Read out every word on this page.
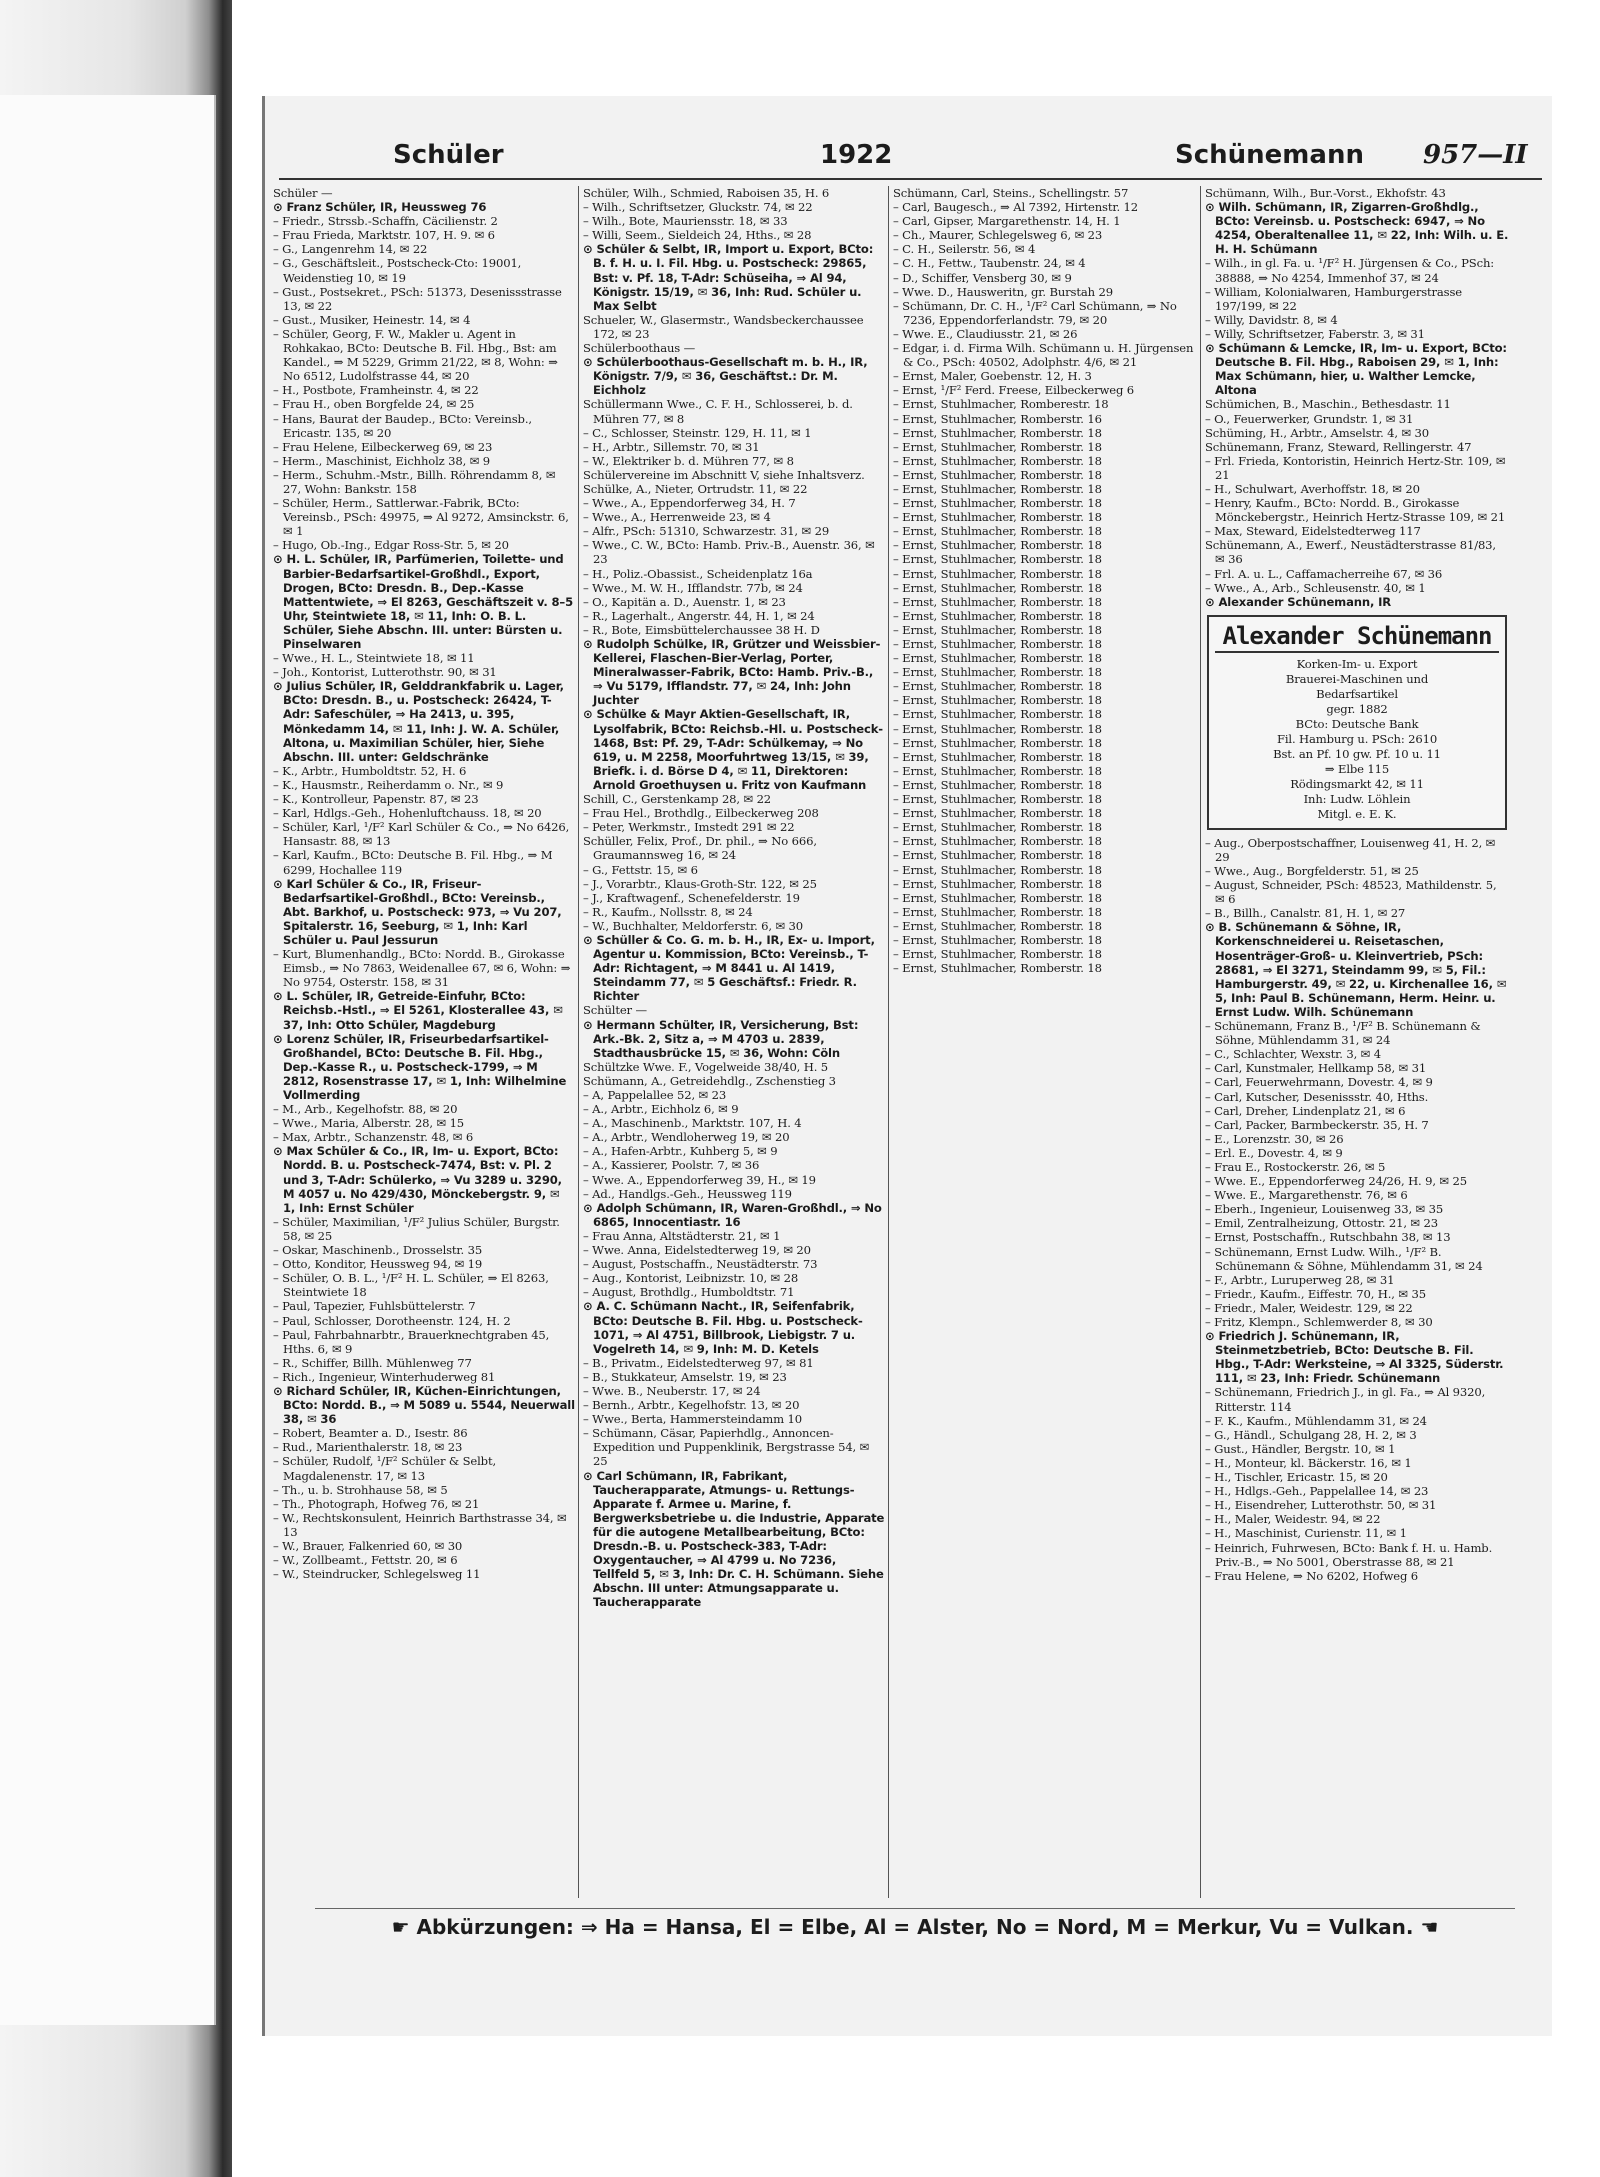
Schüler	1922	Schünemann 957—II

Schüler —

⊙ Franz Schüler, IR, Heussweg 76

– Friedr., Strssb.-Schaffn, Cäcilienstr. 2

– Frau Frieda, Marktstr. 107, H. 9. ✉ 6

– G., Langenrehm 14, ✉ 22

– G., Geschäftsleit., Postscheck-Cto: 19001, Weidenstieg 10, ✉ 19

– Gust., Postsekret., PSch: 51373, Desenissstrasse 13, ✉ 22

– Gust., Musiker, Heinestr. 14, ✉ 4

– Schüler, Georg, F. W., Makler u. Agent in Rohkakao, BCto: Deutsche B. Fil. Hbg., Bst: am Kandel., ⇒ M 5229, Grimm 21/22, ✉ 8, Wohn: ⇒ No 6512, Ludolfstrasse 44, ✉ 20

– H., Postbote, Framheinstr. 4, ✉ 22

– Frau H., oben Borgfelde 24, ✉ 25

– Hans, Baurat der Baudep., BCto: Vereinsb., Ericastr. 135, ✉ 20

– Frau Helene, Eilbeckerweg 69, ✉ 23

– Herm., Maschinist, Eichholz 38, ✉ 9

– Herm., Schuhm.-Mstr., Billh. Röhrendamm 8, ✉ 27, Wohn: Bankstr. 158

– Schüler, Herm., Sattlerwar.-Fabrik, BCto: Vereinsb., PSch: 49975, ⇒ Al 9272, Amsinckstr. 6, ✉ 1

– Hugo, Ob.-Ing., Edgar Ross-Str. 5, ✉ 20

⊙ H. L. Schüler, IR, Parfümerien, Toilette- und Barbier-Bedarfsartikel-Großhdl., Export, Drogen, BCto: Dresdn. B., Dep.-Kasse Mattentwiete, ⇒ El 8263, Geschäftszeit v. 8–5 Uhr, Steintwiete 18, ✉ 11, Inh: O. B. L. Schüler, Siehe Abschn. III. unter: Bürsten u. Pinselwaren

– Wwe., H. L., Steintwiete 18, ✉ 11

– Joh., Kontorist, Lutterothstr. 90, ✉ 31

⊙ Julius Schüler, IR, Gelddrankfabrik u. Lager, BCto: Dresdn. B., u. Postscheck: 26424, T-Adr: Safeschüler, ⇒ Ha 2413, u. 395, Mönkedamm 14, ✉ 11, Inh: J. W. A. Schüler, Altona, u. Maximilian Schüler, hier, Siehe Abschn. III. unter: Geldschränke

– K., Arbtr., Humboldtstr. 52, H. 6

– K., Hausmstr., Reiherdamm o. Nr., ✉ 9

– K., Kontrolleur, Papenstr. 87, ✉ 23

– Karl, Hdlgs.-Geh., Hohenluftchauss. 18, ✉ 20

– Schüler, Karl, ¹/F² Karl Schüler & Co., ⇒ No 6426, Hansastr. 88, ✉ 13

– Karl, Kaufm., BCto: Deutsche B. Fil. Hbg., ⇒ M 6299, Hochallee 119

⊙ Karl Schüler & Co., IR, Friseur-Bedarfsartikel-Großhdl., BCto: Vereinsb., Abt. Barkhof, u. Postscheck: 973, ⇒ Vu 207, Spitalerstr. 16, Seeburg, ✉ 1, Inh: Karl Schüler u. Paul Jessurun

– Kurt, Blumenhandlg., BCto: Nordd. B., Girokasse Eimsb., ⇒ No 7863, Weidenallee 67, ✉ 6, Wohn: ⇒ No 9754, Osterstr. 158, ✉ 31

⊙ L. Schüler, IR, Getreide-Einfuhr, BCto: Reichsb.-Hstl., ⇒ El 5261, Klosterallee 43, ✉ 37, Inh: Otto Schüler, Magdeburg

⊙ Lorenz Schüler, IR, Friseurbedarfsartikel-Großhandel, BCto: Deutsche B. Fil. Hbg., Dep.-Kasse R., u. Postscheck-1799, ⇒ M 2812, Rosenstrasse 17, ✉ 1, Inh: Wilhelmine Vollmerding

– M., Arb., Kegelhofstr. 88, ✉ 20

– Wwe., Maria, Alberstr. 28, ✉ 15

– Max, Arbtr., Schanzenstr. 48, ✉ 6

⊙ Max Schüler & Co., IR, Im- u. Export, BCto: Nordd. B. u. Postscheck-7474, Bst: v. Pl. 2 und 3, T-Adr: Schülerko, ⇒ Vu 3289 u. 3290, M 4057 u. No 429/430, Mönckebergstr. 9, ✉ 1, Inh: Ernst Schüler

– Schüler, Maximilian, ¹/F² Julius Schüler, Burgstr. 58, ✉ 25

– Oskar, Maschinenb., Drosselstr. 35

– Otto, Konditor, Heussweg 94, ✉ 19

– Schüler, O. B. L., ¹/F² H. L. Schüler, ⇒ El 8263, Steintwiete 18

– Paul, Tapezier, Fuhlsbüttelerstr. 7

– Paul, Schlosser, Dorotheenstr. 124, H. 2

– Paul, Fahrbahnarbtr., Brauerknechtgraben 45, Hths. 6, ✉ 9

– R., Schiffer, Billh. Mühlenweg 77

– Rich., Ingenieur, Winterhuderweg 81

⊙ Richard Schüler, IR, Küchen-Einrichtungen, BCto: Nordd. B., ⇒ M 5089 u. 5544, Neuerwall 38, ✉ 36

– Robert, Beamter a. D., Isestr. 86

– Rud., Marienthalerstr. 18, ✉ 23

– Schüler, Rudolf, ¹/F² Schüler & Selbt, Magdalenenstr. 17, ✉ 13

– Th., u. b. Strohhause 58, ✉ 5

– Th., Photograph, Hofweg 76, ✉ 21

– W., Rechtskonsulent, Heinrich Barthstrasse 34, ✉ 13

– W., Brauer, Falkenried 60, ✉ 30

– W., Zollbeamt., Fettstr. 20, ✉ 6

– W., Steindrucker, Schlegelsweg 11

Schüler, Wilh., Schmied, Raboisen 35, H. 6

– Wilh., Schriftsetzer, Gluckstr. 74, ✉ 22

– Wilh., Bote, Mauriensstr. 18, ✉ 33

– Willi, Seem., Sieldeich 24, Hths., ✉ 28

⊙ Schüler & Selbt, IR, Import u. Export, BCto: B. f. H. u. I. Fil. Hbg. u. Postscheck: 29865, Bst: v. Pf. 18, T-Adr: Schüseiha, ⇒ Al 94, Königstr. 15/19, ✉ 36, Inh: Rud. Schüler u. Max Selbt

Schueler, W., Glasermstr., Wandsbeckerchaussee 172, ✉ 23

Schülerboothaus —

⊙ Schülerboothaus-Gesellschaft m. b. H., IR, Königstr. 7/9, ✉ 36, Geschäftst.: Dr. M. Eichholz

Schüllermann Wwe., C. F. H., Schlosserei, b. d. Mühren 77, ✉ 8

– C., Schlosser, Steinstr. 129, H. 11, ✉ 1

– H., Arbtr., Sillemstr. 70, ✉ 31

– W., Elektriker b. d. Mühren 77, ✉ 8

Schülervereine im Abschnitt V, siehe Inhaltsverz.

Schülke, A., Nieter, Ortrudstr. 11, ✉ 22

– Wwe., A., Eppendorferweg 34, H. 7

– Wwe., A., Herrenweide 23, ✉ 4

– Alfr., PSch: 51310, Schwarzestr. 31, ✉ 29

– Wwe., C. W., BCto: Hamb. Priv.-B., Auenstr. 36, ✉ 23

– H., Poliz.-Obassist., Scheidenplatz 16a

– Wwe., M. W. H., Ifflandstr. 77b, ✉ 24

– O., Kapitän a. D., Auenstr. 1, ✉ 23

– R., Lagerhalt., Angerstr. 44, H. 1, ✉ 24

– R., Bote, Eimsbüttelerchaussee 38 H. D

⊙ Rudolph Schülke, IR, Grützer und Weissbier-Kellerei, Flaschen-Bier-Verlag, Porter, Mineralwasser-Fabrik, BCto: Hamb. Priv.-B., ⇒ Vu 5179, Ifflandstr. 77, ✉ 24, Inh: John Juchter

⊙ Schülke & Mayr Aktien-Gesellschaft, IR, Lysolfabrik, BCto: Reichsb.-Hl. u. Postscheck-1468, Bst: Pf. 29, T-Adr: Schülkemay, ⇒ No 619, u. M 2258, Moorfuhrtweg 13/15, ✉ 39, Briefk. i. d. Börse D 4, ✉ 11, Direktoren: Arnold Groethuysen u. Fritz von Kaufmann

Schill, C., Gerstenkamp 28, ✉ 22

– Frau Hel., Brothdlg., Eilbeckerweg 208

– Peter, Werkmstr., Imstedt 291 ✉ 22

Schüller, Felix, Prof., Dr. phil., ⇒ No 666, Graumannsweg 16, ✉ 24

– G., Fettstr. 15, ✉ 6

– J., Vorarbtr., Klaus-Groth-Str. 122, ✉ 25

– J., Kraftwagenf., Schenefelderstr. 19

– R., Kaufm., Nollsstr. 8, ✉ 24

– W., Buchhalter, Meldorferstr. 6, ✉ 30

⊙ Schüller & Co. G. m. b. H., IR, Ex- u. Import, Agentur u. Kommission, BCto: Vereinsb., T-Adr: Richtagent, ⇒ M 8441 u. Al 1419, Steindamm 77, ✉ 5 Geschäftsf.: Friedr. R. Richter

Schülter —

⊙ Hermann Schülter, IR, Versicherung, Bst: Ark.-Bk. 2, Sitz a, ⇒ M 4703 u. 2839, Stadthausbrücke 15, ✉ 36, Wohn: Cöln

Schültzke Wwe. F., Vogelweide 38/40, H. 5

Schümann, A., Getreidehdlg., Zschenstieg 3

– A, Pappelallee 52, ✉ 23

– A., Arbtr., Eichholz 6, ✉ 9

– A., Maschinenb., Marktstr. 107, H. 4

– A., Arbtr., Wendloherweg 19, ✉ 20

– A., Hafen-Arbtr., Kuhberg 5, ✉ 9

– A., Kassierer, Poolstr. 7, ✉ 36

– Wwe. A., Eppendorferweg 39, H., ✉ 19

– Ad., Handlgs.-Geh., Heussweg 119

⊙ Adolph Schümann, IR, Waren-Großhdl., ⇒ No 6865, Innocentiastr. 16

– Frau Anna, Altstädterstr. 21, ✉ 1

– Wwe. Anna, Eidelstedterweg 19, ✉ 20

– August, Postschaffn., Neustädterstr. 73

– Aug., Kontorist, Leibnizstr. 10, ✉ 28

– August, Brothdlg., Humboldtstr. 71

⊙ A. C. Schümann Nacht., IR, Seifenfabrik, BCto: Deutsche B. Fil. Hbg. u. Postscheck-1071, ⇒ Al 4751, Billbrook, Liebigstr. 7 u. Vogelreth 14, ✉ 9, Inh: M. D. Ketels

– B., Privatm., Eidelstedterweg 97, ✉ 81

– B., Stukkateur, Amselstr. 19, ✉ 23

– Wwe. B., Neuberstr. 17, ✉ 24

– Bernh., Arbtr., Kegelhofstr. 13, ✉ 20

– Wwe., Berta, Hammersteindamm 10

– Schümann, Cäsar, Papierhdlg., Annoncen-Expedition und Puppenklinik, Bergstrasse 54, ✉ 25

⊙ Carl Schümann, IR, Fabrikant, Taucherapparate, Atmungs- u. Rettungs-Apparate f. Armee u. Marine, f. Bergwerksbetriebe u. die Industrie, Apparate für die autogene Metallbearbeitung, BCto: Dresdn.-B. u. Postscheck-383, T-Adr: Oxygentaucher, ⇒ Al 4799 u. No 7236, Tellfeld 5, ✉ 3, Inh: Dr. C. H. Schümann. Siehe Abschn. III unter: Atmungsapparate u. Taucherapparate

Schümann, Carl, Steins., Schellingstr. 57

– Carl, Baugesch., ⇒ Al 7392, Hirtenstr. 12

– Carl, Gipser, Margarethenstr. 14, H. 1

– Ch., Maurer, Schlegelsweg 6, ✉ 23

– C. H., Seilerstr. 56, ✉ 4

– C. H., Fettw., Taubenstr. 24, ✉ 4

– D., Schiffer, Vensberg 30, ✉ 9

– Wwe. D., Hausweritn, gr. Burstah 29

– Schümann, Dr. C. H., ¹/F² Carl Schümann, ⇒ No 7236, Eppendorferlandstr. 79, ✉ 20

– Wwe. E., Claudiusstr. 21, ✉ 26

– Edgar, i. d. Firma Wilh. Schümann u. H. Jürgensen & Co., PSch: 40502, Adolphstr. 4/6, ✉ 21

– Ernst, Maler, Goebenstr. 12, H. 3

– Ernst, ¹/F² Ferd. Freese, Eilbeckerweg 6

– Ernst, Stuhlmacher, Romberestr. 18

– Ernst, Stuhlmacher, Romberstr. 16

– Ernst, Stuhlmacher, Romberstr. 18

– Ernst, Stuhlmacher, Romberstr. 18

– Ernst, Stuhlmacher, Romberstr. 18

– Ernst, Stuhlmacher, Romberstr. 18

– Ernst, Stuhlmacher, Romberstr. 18

– Ernst, Stuhlmacher, Romberstr. 18

– Ernst, Stuhlmacher, Romberstr. 18

– Ernst, Stuhlmacher, Romberstr. 18

– Ernst, Stuhlmacher, Romberstr. 18

– Ernst, Stuhlmacher, Romberstr. 18

– Ernst, Stuhlmacher, Romberstr. 18

– Ernst, Stuhlmacher, Romberstr. 18

– Ernst, Stuhlmacher, Romberstr. 18

– Ernst, Stuhlmacher, Romberstr. 18

– Ernst, Stuhlmacher, Romberstr. 18

– Ernst, Stuhlmacher, Romberstr. 18

– Ernst, Stuhlmacher, Romberstr. 18

– Ernst, Stuhlmacher, Romberstr. 18

– Ernst, Stuhlmacher, Romberstr. 18

– Ernst, Stuhlmacher, Romberstr. 18

– Ernst, Stuhlmacher, Romberstr. 18

– Ernst, Stuhlmacher, Romberstr. 18

– Ernst, Stuhlmacher, Romberstr. 18

– Ernst, Stuhlmacher, Romberstr. 18

– Ernst, Stuhlmacher, Romberstr. 18

– Ernst, Stuhlmacher, Romberstr. 18

– Ernst, Stuhlmacher, Romberstr. 18

– Ernst, Stuhlmacher, Romberstr. 18

– Ernst, Stuhlmacher, Romberstr. 18

– Ernst, Stuhlmacher, Romberstr. 18

– Ernst, Stuhlmacher, Romberstr. 18

– Ernst, Stuhlmacher, Romberstr. 18

– Ernst, Stuhlmacher, Romberstr. 18

– Ernst, Stuhlmacher, Romberstr. 18

– Ernst, Stuhlmacher, Romberstr. 18

– Ernst, Stuhlmacher, Romberstr. 18

– Ernst, Stuhlmacher, Romberstr. 18

– Ernst, Stuhlmacher, Romberstr. 18

– Ernst, Stuhlmacher, Romberstr. 18

Schümann, Wilh., Bur.-Vorst., Ekhofstr. 43

⊙ Wilh. Schümann, IR, Zigarren-Großhdlg., BCto: Vereinsb. u. Postscheck: 6947, ⇒ No 4254, Oberaltenallee 11, ✉ 22, Inh: Wilh. u. E. H. H. Schümann

– Wilh., in gl. Fa. u. ¹/F² H. Jürgensen & Co., PSch: 38888, ⇒ No 4254, Immenhof 37, ✉ 24

– William, Kolonialwaren, Hamburgerstrasse 197/199, ✉ 22

– Willy, Davidstr. 8, ✉ 4

– Willy, Schriftsetzer, Faberstr. 3, ✉ 31

⊙ Schümann & Lemcke, IR, Im- u. Export, BCto: Deutsche B. Fil. Hbg., Raboisen 29, ✉ 1, Inh: Max Schümann, hier, u. Walther Lemcke, Altona

Schümichen, B., Maschin., Bethesdastr. 11

– O., Feuerwerker, Grundstr. 1, ✉ 31

Schüming, H., Arbtr., Amselstr. 4, ✉ 30

Schünemann, Franz, Steward, Rellingerstr. 47

– Frl. Frieda, Kontoristin, Heinrich Hertz-Str. 109, ✉ 21

– H., Schulwart, Averhoffstr. 18, ✉ 20

– Henry, Kaufm., BCto: Nordd. B., Girokasse Mönckebergstr., Heinrich Hertz-Strasse 109, ✉ 21

– Max, Steward, Eidelstedterweg 117

Schünemann, A., Ewerf., Neustädterstrasse 81/83, ✉ 36

– Frl. A. u. L., Caffamacherreihe 67, ✉ 36

– Wwe., A., Arb., Schleusenstr. 40, ✉ 1

⊙ Alexander Schünemann, IR

Alexander Schünemann
Korken-Im- u. Export
Brauerei-Maschinen und
Bedarfsartikel
gegr. 1882
BCto: Deutsche Bank
Fil. Hamburg u. PSch: 2610
Bst. an Pf. 10 gw. Pf. 10 u. 11
⇒ Elbe 115
Rödingsmarkt 42, ✉ 11
Inh: Ludw. Löhlein
Mitgl. e. E. K.

– Aug., Oberpostschaffner, Louisenweg 41, H. 2, ✉ 29

– Wwe., Aug., Borgfelderstr. 51, ✉ 25

– August, Schneider, PSch: 48523, Mathildenstr. 5, ✉ 6

– B., Billh., Canalstr. 81, H. 1, ✉ 27

⊙ B. Schünemann & Söhne, IR, Korkenschneiderei u. Reisetaschen, Hosenträger-Groß- u. Kleinvertrieb, PSch: 28681, ⇒ El 3271, Steindamm 99, ✉ 5, Fil.: Hamburgerstr. 49, ✉ 22, u. Kirchenallee 16, ✉ 5, Inh: Paul B. Schünemann, Herm. Heinr. u. Ernst Ludw. Wilh. Schünemann

– Schünemann, Franz B., ¹/F² B. Schünemann & Söhne, Mühlendamm 31, ✉ 24

– C., Schlachter, Wexstr. 3, ✉ 4

– Carl, Kunstmaler, Hellkamp 58, ✉ 31

– Carl, Feuerwehrmann, Dovestr. 4, ✉ 9

– Carl, Kutscher, Desenissstr. 40, Hths.

– Carl, Dreher, Lindenplatz 21, ✉ 6

– Carl, Packer, Barmbeckerstr. 35, H. 7

– E., Lorenzstr. 30, ✉ 26

– Erl. E., Dovestr. 4, ✉ 9

– Frau E., Rostockerstr. 26, ✉ 5

– Wwe. E., Eppendorferweg 24/26, H. 9, ✉ 25

– Wwe. E., Margarethenstr. 76, ✉ 6

– Eberh., Ingenieur, Louisenweg 33, ✉ 35

– Emil, Zentralheizung, Ottostr. 21, ✉ 23

– Ernst, Postschaffn., Rutschbahn 38, ✉ 13

– Schünemann, Ernst Ludw. Wilh., ¹/F² B. Schünemann & Söhne, Mühlendamm 31, ✉ 24

– F., Arbtr., Luruperweg 28, ✉ 31

– Friedr., Kaufm., Eiffestr. 70, H., ✉ 35

– Friedr., Maler, Weidestr. 129, ✉ 22

– Fritz, Klempn., Schlemwerder 8, ✉ 30

⊙ Friedrich J. Schünemann, IR, Steinmetzbetrieb, BCto: Deutsche B. Fil. Hbg., T-Adr: Werksteine, ⇒ Al 3325, Süderstr. 111, ✉ 23, Inh: Friedr. Schünemann

– Schünemann, Friedrich J., in gl. Fa., ⇒ Al 9320, Ritterstr. 114

– F. K., Kaufm., Mühlendamm 31, ✉ 24

– G., Händl., Schulgang 28, H. 2, ✉ 3

– Gust., Händler, Bergstr. 10, ✉ 1

– H., Monteur, kl. Bäckerstr. 16, ✉ 1

– H., Tischler, Ericastr. 15, ✉ 20

– H., Hdlgs.-Geh., Pappelallee 14, ✉ 23

– H., Eisendreher, Lutterothstr. 50, ✉ 31

– H., Maler, Weidestr. 94, ✉ 22

– H., Maschinist, Curienstr. 11, ✉ 1

– Heinrich, Fuhrwesen, BCto: Bank f. H. u. Hamb. Priv.-B., ⇒ No 5001, Oberstrasse 88, ✉ 21

– Frau Helene, ⇒ No 6202, Hofweg 6

☛ Abkürzungen: ⇒ Ha = Hansa, El = Elbe, Al = Alster, No = Nord, M = Merkur, Vu = Vulkan. ☚
